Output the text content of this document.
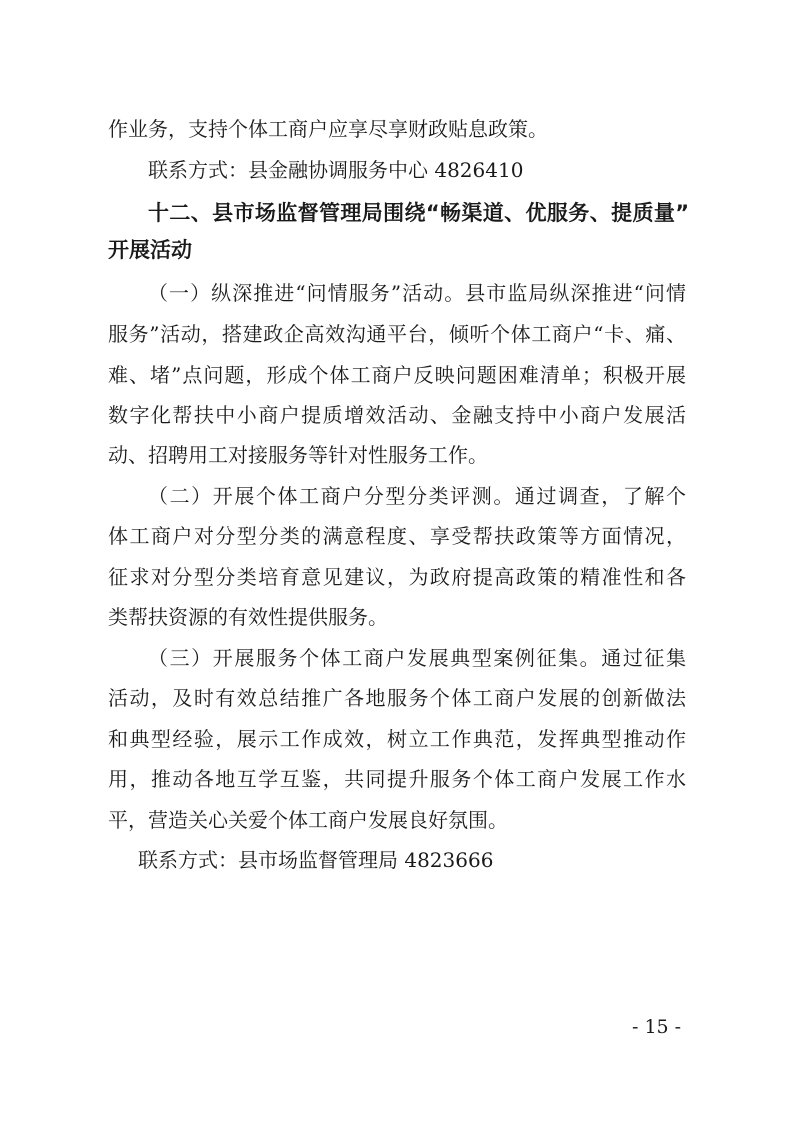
作业务，支持个体工商户应享尽享财政贴息政策。
联系方式：县金融协调服务中心 4826410
十二、县市场监督管理局围绕“畅渠道、优服务、提质量”
开展活动
（一）纵深推进“问情服务”活动。县市监局纵深推进“问情
服务”活动，搭建政企高效沟通平台，倾听个体工商户“卡、痛、
难、堵”点问题，形成个体工商户反映问题困难清单；积极开展
数字化帮扶中小商户提质增效活动、金融支持中小商户发展活
动、招聘用工对接服务等针对性服务工作。
（二）开展个体工商户分型分类评测。通过调查，了解个
体工商户对分型分类的满意程度、享受帮扶政策等方面情况，
征求对分型分类培育意见建议，为政府提高政策的精准性和各
类帮扶资源的有效性提供服务。
（三）开展服务个体工商户发展典型案例征集。通过征集
活动，及时有效总结推广各地服务个体工商户发展的创新做法
和典型经验，展示工作成效，树立工作典范，发挥典型推动作
用，推动各地互学互鉴，共同提升服务个体工商户发展工作水
平，营造关心关爱个体工商户发展良好氛围。
联系方式：县市场监督管理局 4823666
- 15 -
